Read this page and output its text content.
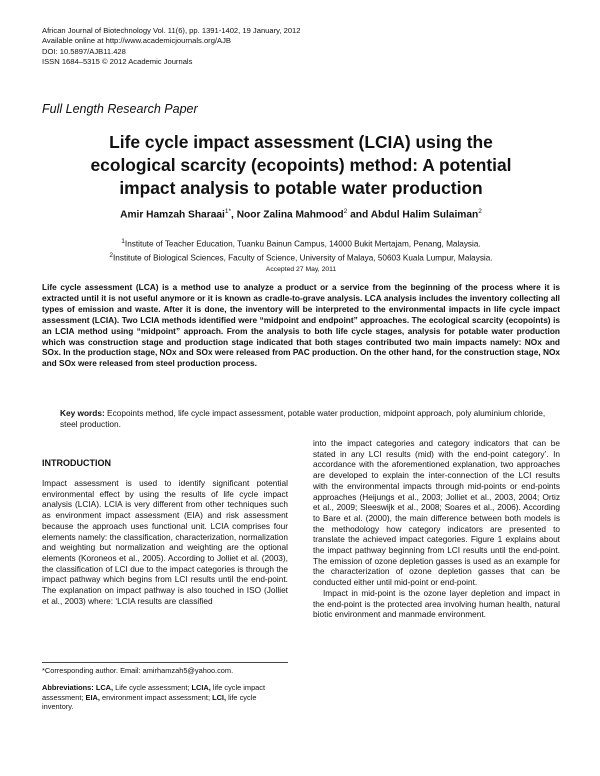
African Journal of Biotechnology Vol. 11(6), pp. 1391-1402, 19 January, 2012
Available online at http://www.academicjournals.org/AJB
DOI: 10.5897/AJB11.428
ISSN 1684–5315 © 2012 Academic Journals
Full Length Research Paper
Life cycle impact assessment (LCIA) using the
ecological scarcity (ecopoints) method: A potential
impact analysis to potable water production
Amir Hamzah Sharaai$^{1*}$, Noor Zalina Mahmood$^2$ and Abdul Halim Sulaiman$^2$
$^1$Institute of Teacher Education, Tuanku Bainun Campus, 14000 Bukit Mertajam, Penang, Malaysia.
$^2$Institute of Biological Sciences, Faculty of Science, University of Malaya, 50603 Kuala Lumpur, Malaysia.
Accepted 27 May, 2011
Life cycle assessment (LCA) is a method use to analyze a product or a service from the beginning of the process where it is extracted until it is not useful anymore or it is known as cradle-to-grave analysis. LCA analysis includes the inventory collecting all types of emission and waste. After it is done, the inventory will be interpreted to the environmental impacts in life cycle impact assessment (LCIA). Two LCIA methods identified were “midpoint and endpoint” approaches. The ecological scarcity (ecopoints) is an LCIA method using “midpoint” approach. From the analysis to both life cycle stages, analysis for potable water production which was construction stage and production stage indicated that both stages contributed two main impacts namely: NOx and SOx. In the production stage, NOx and SOx were released from PAC production. On the other hand, for the construction stage, NOx and SOx were released from steel production process.
Key words: Ecopoints method, life cycle impact assessment, potable water production, midpoint approach, poly aluminium chloride, steel production.
INTRODUCTION

Impact assessment is used to identify significant potential environmental effect by using the results of life cycle impact analysis (LCIA). LCIA is very different from other techniques such as environment impact assessment (EIA) and risk assessment because the approach uses functional unit. LCIA comprises four elements namely: the classification, characterization, normalization and weighting but normalization and weighting are the optional elements (Koroneos et al., 2005). According to Jolliet et al. (2003), the classification of LCI due to the impact categories is through the impact pathway which begins from LCI results until the end-point. The explanation on impact pathway is also touched in ISO (Jolliet et al., 2003) where: ‘LCIA results are classified

into the impact categories and category indicators that can be stated in any LCI results (mid) with the end-point category’. In accordance with the aforementioned explanation, two approaches are developed to explain the inter-connection of the LCI results with the environmental impacts through mid-points or end-points approaches (Heijungs et al., 2003; Jolliet et al., 2003, 2004; Ortiz et al., 2009; Sleeswijk et al., 2008; Soares et al., 2006). According to Bare et al. (2000), the main difference between both models is the methodology how category indicators are presented to translate the achieved impact categories. Figure 1 explains about the impact pathway beginning from LCI results until the end-point. The emission of ozone depletion gasses is used as an example for the characterization of ozone depletion gasses that can be conducted either until mid-point or end-point.

Impact in mid-point is the ozone layer depletion and impact in the end-point is the protected area involving human health, natural biotic environment and manmade environment.

*Corresponding author. Email: amirhamzah5@yahoo.com.
Abbreviations: LCA, Life cycle assessment; LCIA, life cycle impact assessment; EIA, environment impact assessment; LCI, life cycle inventory.
